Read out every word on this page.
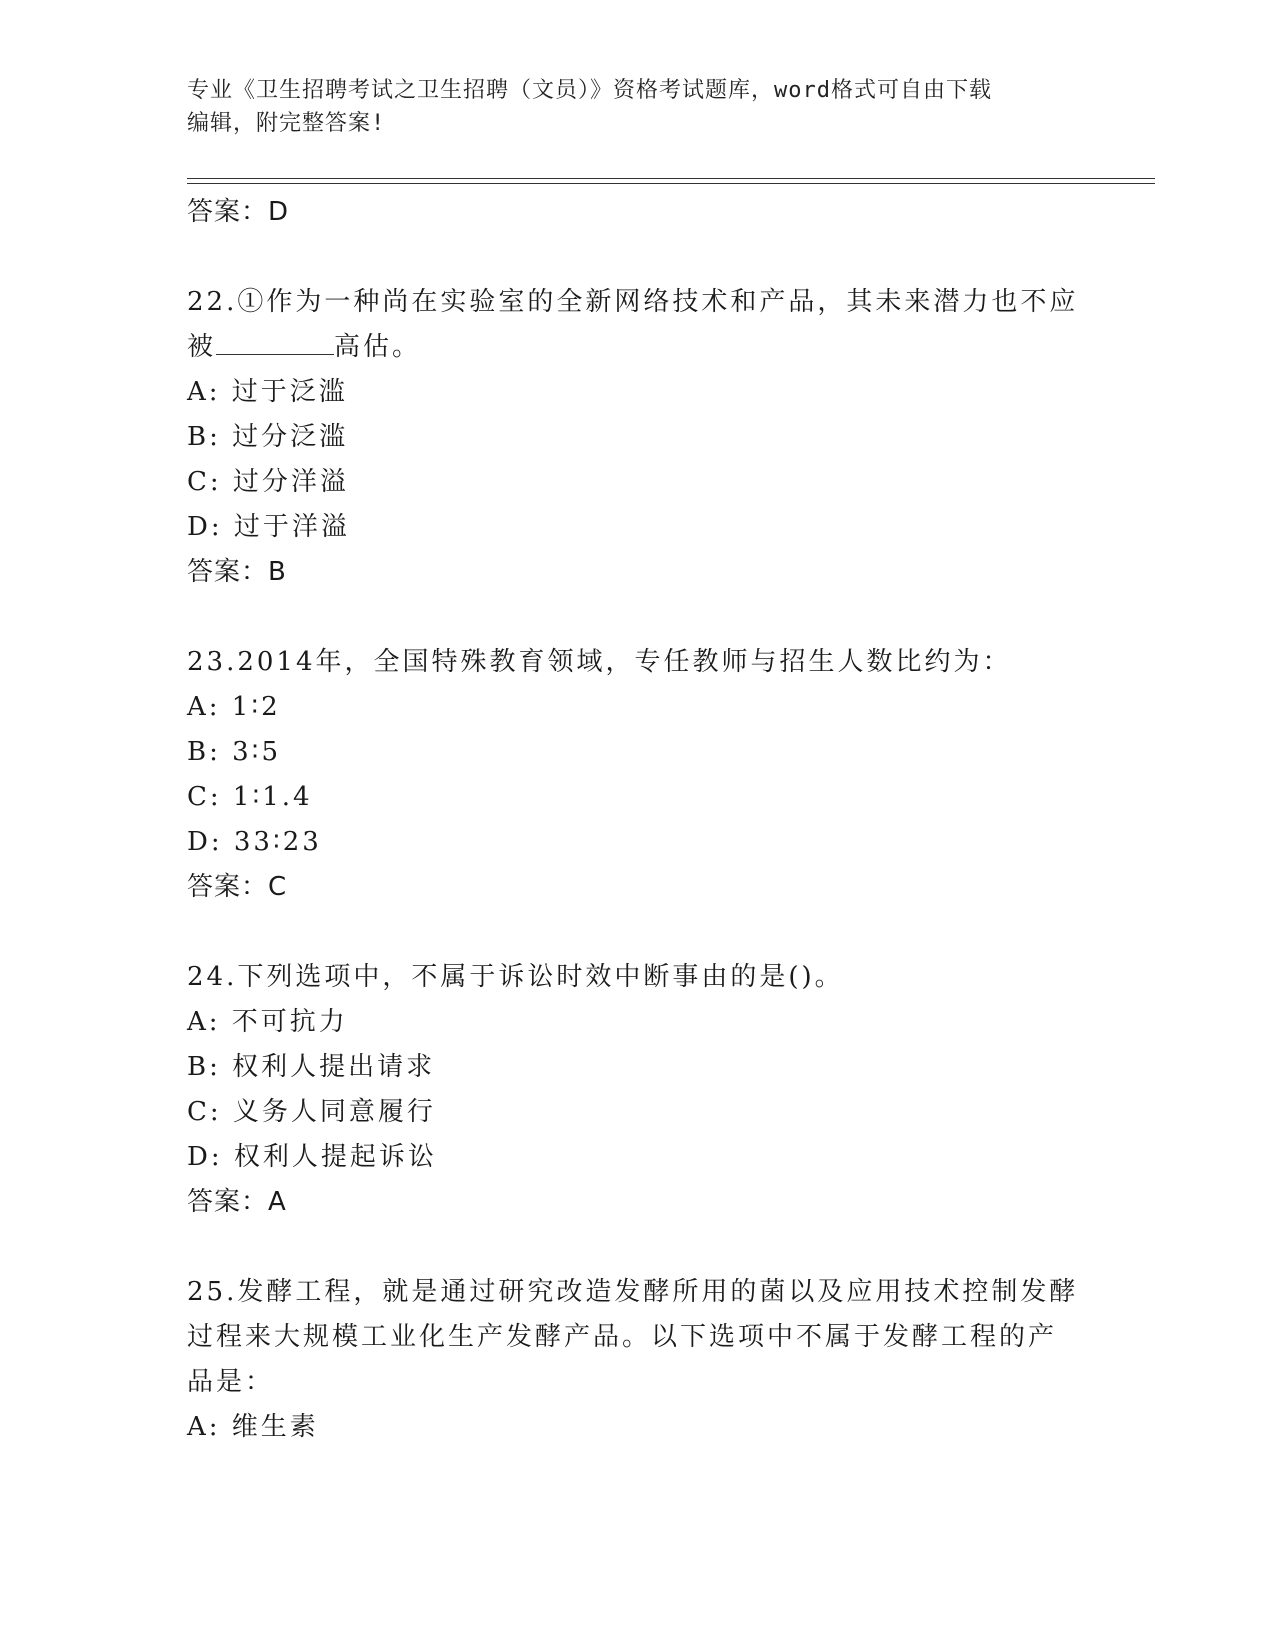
专业《卫生招聘考试之卫生招聘（文员）》资格考试题库，word格式可自由下载
编辑，附完整答案!

答案：D

22.①作为一种尚在实验室的全新网络技术和产品，其未来潜力也不应

被	高估。

A: 过于泛滥

B: 过分泛滥

C: 过分洋溢

D: 过于洋溢

答案：B

23.2014年，全国特殊教育领域，专任教师与招生人数比约为：

A: 1∶2

B: 3∶5

C: 1∶1.4

D: 33∶23

答案：C

24.下列选项中，不属于诉讼时效中断事由的是()。

A: 不可抗力

B: 权利人提出请求

C: 义务人同意履行

D: 权利人提起诉讼

答案：A

25.发酵工程，就是通过研究改造发酵所用的菌以及应用技术控制发酵

过程来大规模工业化生产发酵产品。以下选项中不属于发酵工程的产

品是：

A: 维生素
